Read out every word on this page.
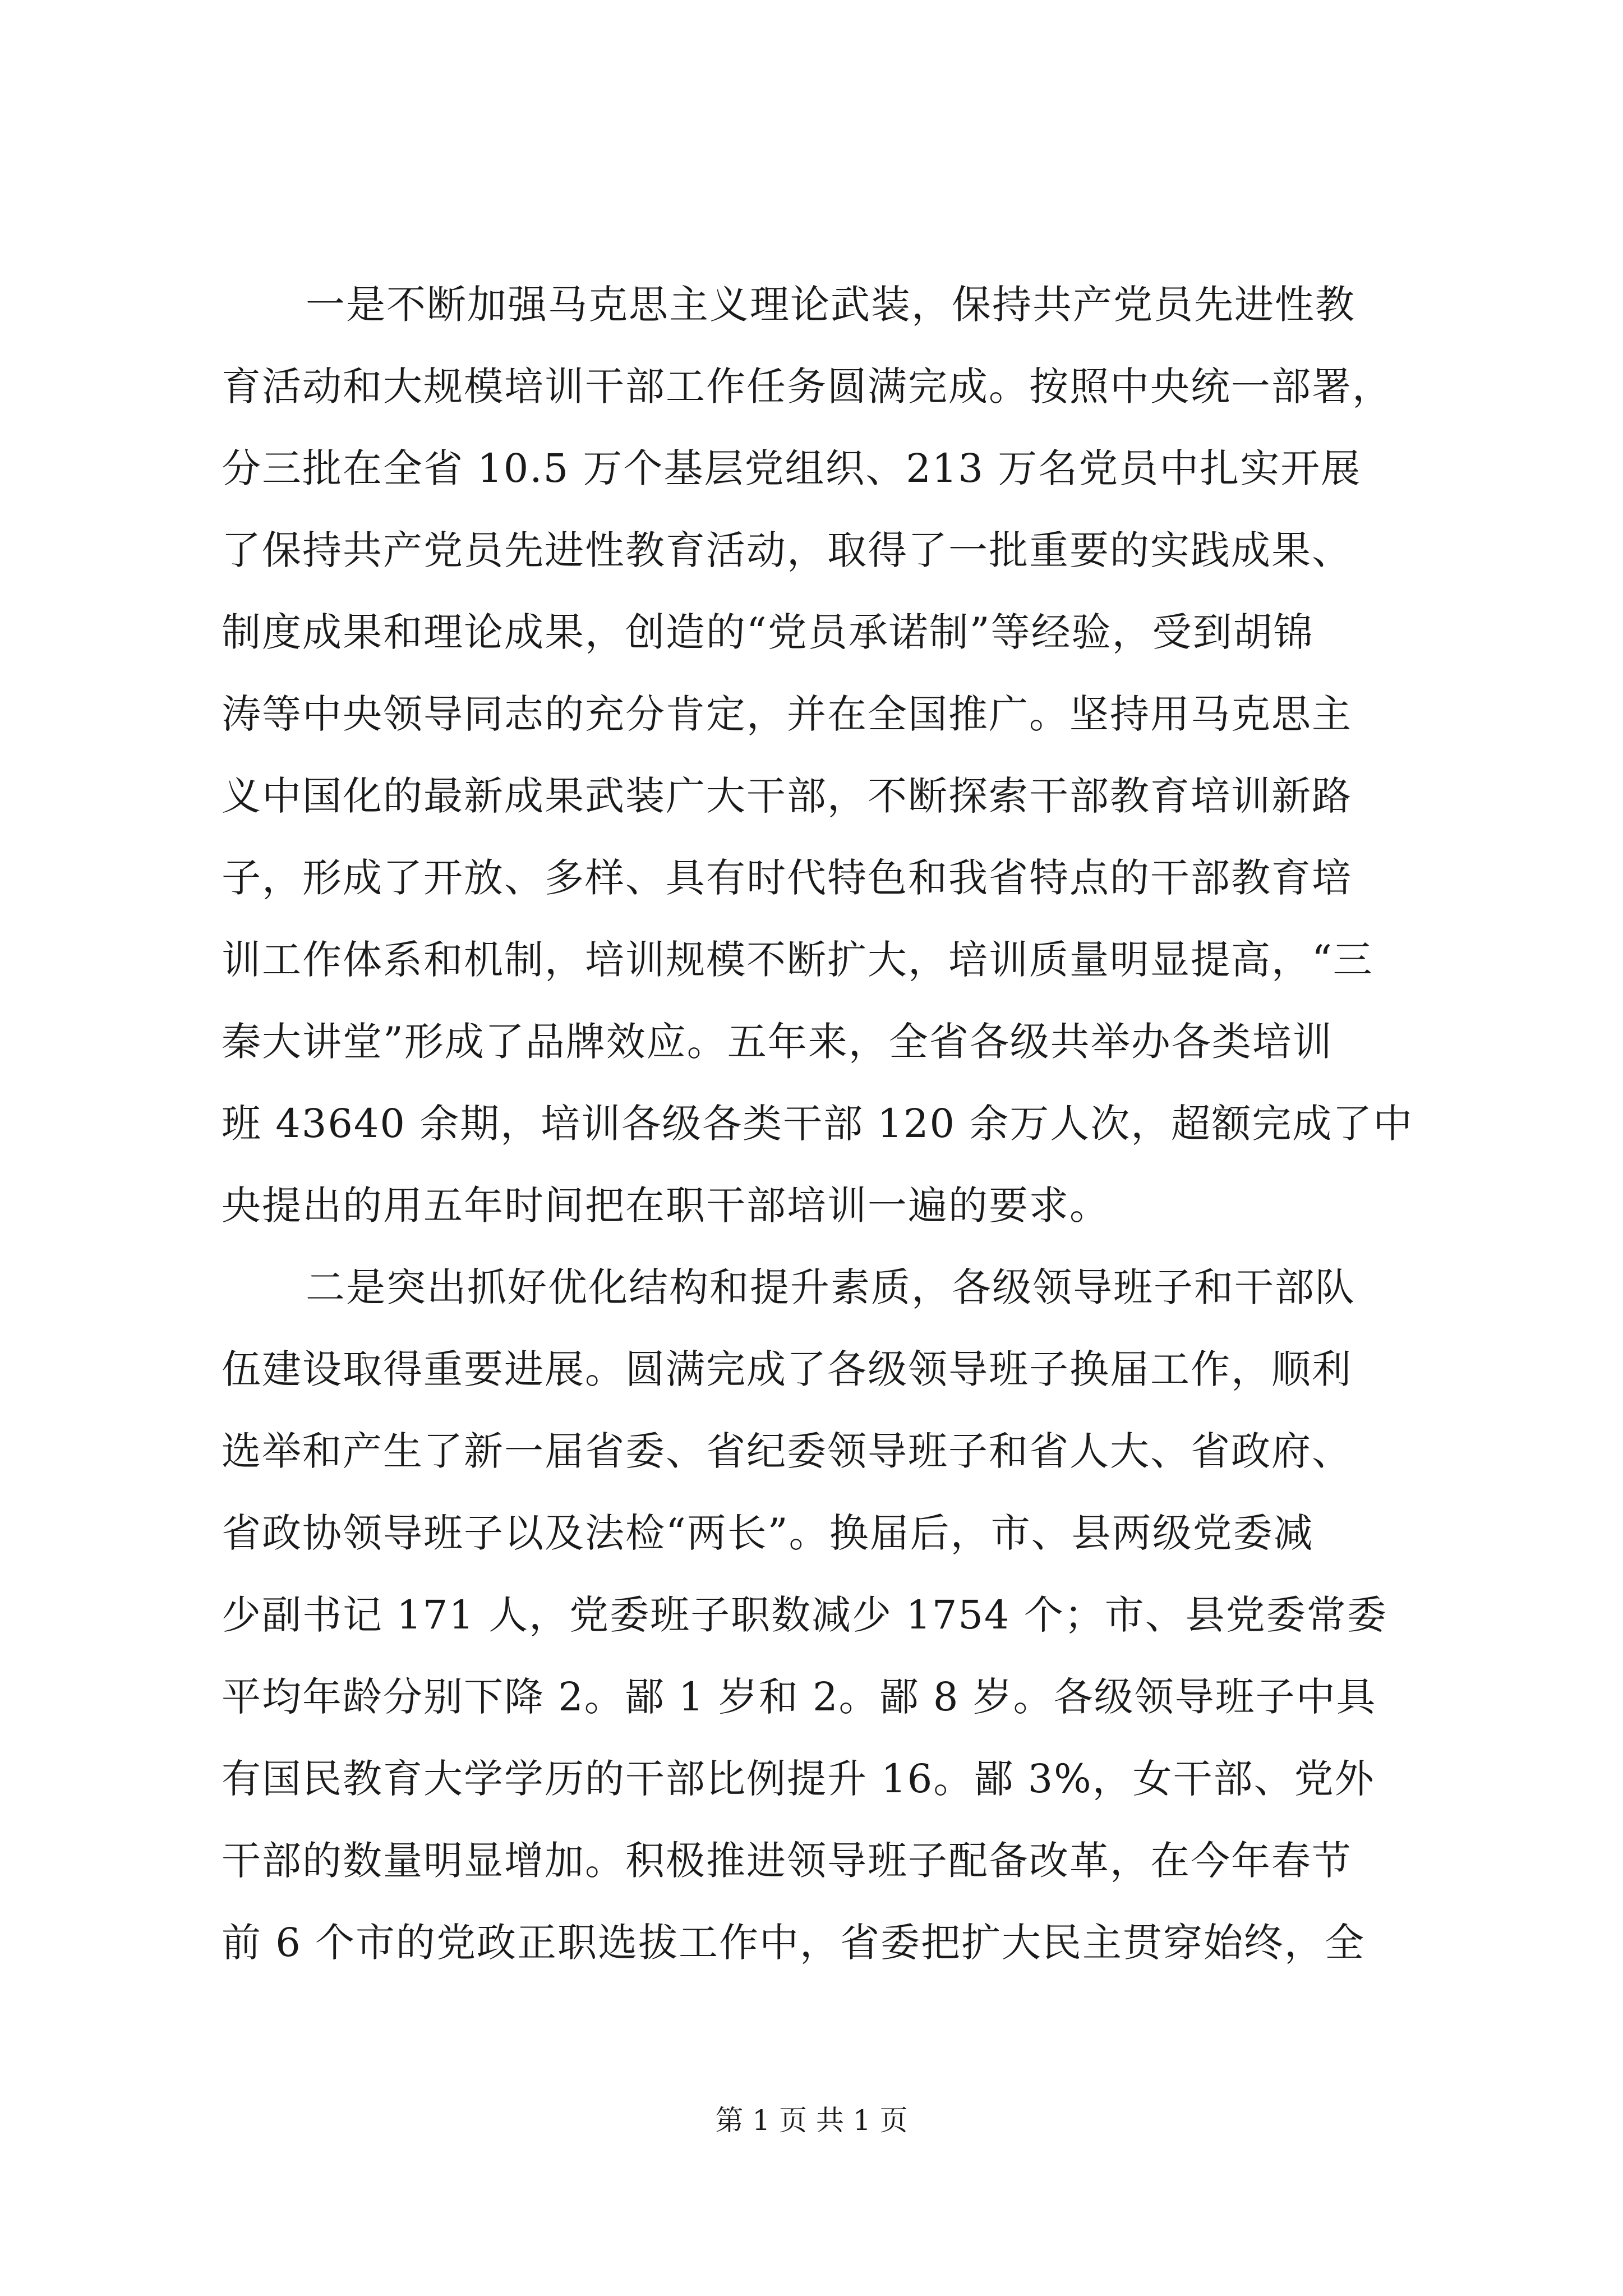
一是不断加强马克思主义理论武装，保持共产党员先进性教
育活动和大规模培训干部工作任务圆满完成。按照中央统一部署，
分三批在全省 10.5 万个基层党组织、213 万名党员中扎实开展
了保持共产党员先进性教育活动，取得了一批重要的实践成果、
制度成果和理论成果，创造的“党员承诺制”等经验，受到胡锦
涛等中央领导同志的充分肯定，并在全国推广。坚持用马克思主
义中国化的最新成果武装广大干部，不断探索干部教育培训新路
子，形成了开放、多样、具有时代特色和我省特点的干部教育培
训工作体系和机制，培训规模不断扩大，培训质量明显提高，“三
秦大讲堂”形成了品牌效应。五年来，全省各级共举办各类培训
班 43640 余期，培训各级各类干部 120 余万人次，超额完成了中
央提出的用五年时间把在职干部培训一遍的要求。
二是突出抓好优化结构和提升素质，各级领导班子和干部队
伍建设取得重要进展。圆满完成了各级领导班子换届工作，顺利
选举和产生了新一届省委、省纪委领导班子和省人大、省政府、
省政协领导班子以及法检“两长”。换届后，市、县两级党委减
少副书记 171 人，党委班子职数减少 1754 个；市、县党委常委
平均年龄分别下降 2。鄙 1 岁和 2。鄙 8 岁。各级领导班子中具
有国民教育大学学历的干部比例提升 16。鄙 3%，女干部、党外
干部的数量明显增加。积极推进领导班子配备改革，在今年春节
前 6 个市的党政正职选拔工作中，省委把扩大民主贯穿始终，全
第 1 页 共 1 页
